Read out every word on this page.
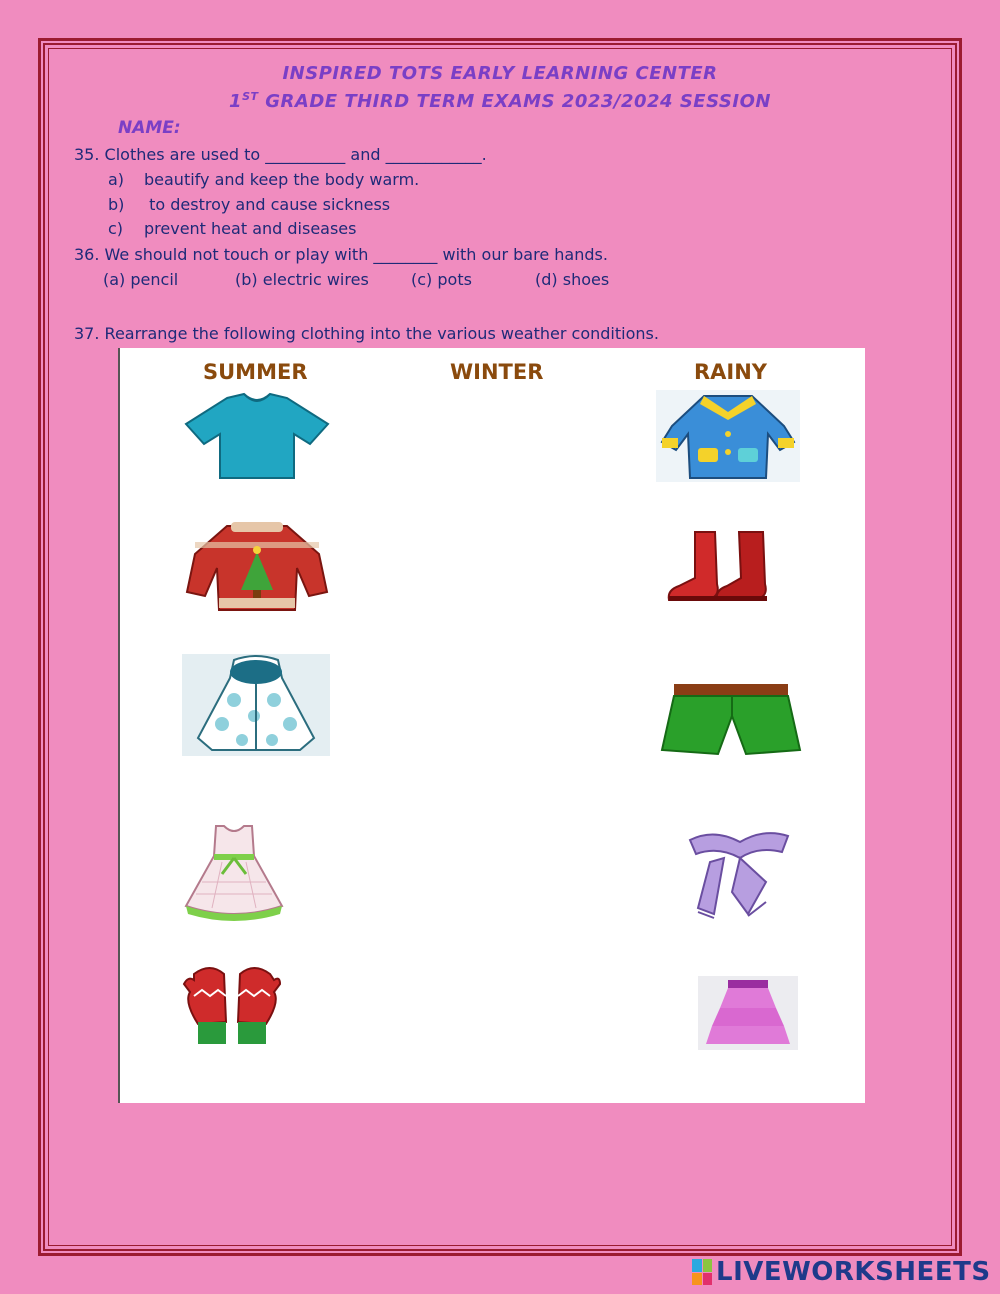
INSPIRED TOTS EARLY LEARNING CENTER
1ST GRADE THIRD TERM EXAMS 2023/2024 SESSION
NAME:
35. Clothes are used to __________ and ____________.
a) beautify and keep the body warm.
b) to destroy and cause sickness
c) prevent heat and diseases
36. We should not touch or play with ________ with our bare hands.
(a) pencil	(b) electric wires	(c) pots	(d) shoes
37. Rearrange the following clothing into the various weather conditions.
SUMMER	WINTER	RAINY
LIVEWORKSHEETS
